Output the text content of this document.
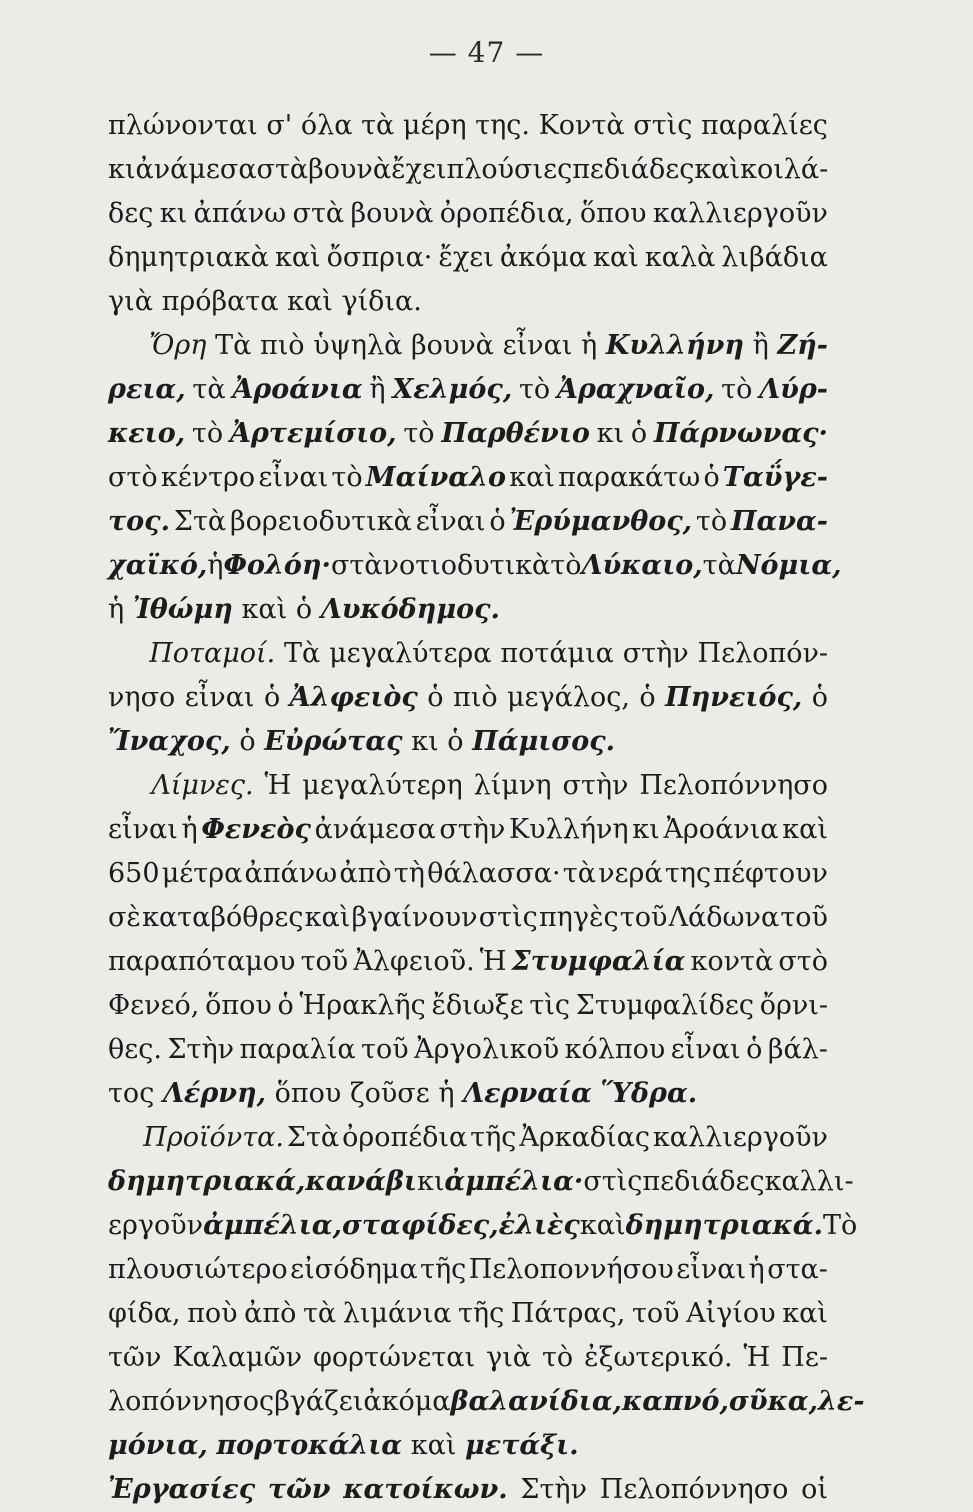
— 47 —
πλώνονται σ' όλα τὰ μέρη της. Κοντὰ στὶς παραλίες
κι ἀνάμεσα στὰ βουνὰ ἔχει πλούσιες πεδιάδες καὶ κοιλά-
δες κι ἀπάνω στὰ βουνὰ ὀροπέδια, ὅπου καλλιεργοῦν
δημητριακὰ καὶ ὄσπρια· ἔχει ἀκόμα καὶ καλὰ λιβάδια
γιὰ πρόβατα καὶ γίδια.
Ὄρη Τὰ πιὸ ὑψηλὰ βουνὰ εἶναι ἡ Κυλλήνη ἢ Ζή-
ρεια, τὰ Ἀροάνια ἢ Χελμός, τὸ Ἀραχναῖο, τὸ Λύρ-
κειο, τὸ Ἀρτεμίσιο, τὸ Παρθένιο κι ὁ Πάρνωνας·
στὸ κέντρο εἶναι τὸ Μαίναλο καὶ παρακάτω ὁ Ταΰγε-
τος. Στὰ βορειοδυτικὰ εἶναι ὁ Ἐρύμανθος, τὸ Πανα-
χαϊκό, ἡ Φολόη· στὰ νοτιοδυτικὰ τὸ Λύκαιο, τὰ Νόμια,
ἡ Ἰθώμη καὶ ὁ Λυκόδημος.
Ποταμοί. Τὰ μεγαλύτερα ποτάμια στὴν Πελοπόν-
νησο εἶναι ὁ Ἀλφειὸς ὁ πιὸ μεγάλος, ὁ Πηνειός, ὁ
Ἴναχος, ὁ Εὐρώτας κι ὁ Πάμισος.
Λίμνες. Ἡ μεγαλύτερη λίμνη στὴν Πελοπόννησο
εἶναι ἡ Φενεὸς ἀνάμεσα στὴν Κυλλήνη κι Ἀροάνια καὶ
650 μέτρα ἀπάνω ἀπὸ τὴ θάλασσα· τὰ νερά της πέφτουν
σὲ καταβόθρες καὶ βγαίνουν στὶς πηγὲς τοῦ Λάδωνα τοῦ
παραπόταμου τοῦ Ἀλφειοῦ. Ἡ Στυμφαλία κοντὰ στὸ
Φενεό, ὅπου ὁ Ἡρακλῆς ἔδιωξε τὶς Στυμφαλίδες ὄρνι-
θες. Στὴν παραλία τοῦ Ἀργολικοῦ κόλπου εἶναι ὁ βάλ-
τος Λέρνη, ὅπου ζοῦσε ἡ Λερναία Ὕδρα.
Προϊόντα. Στὰ ὀροπέδια τῆς Ἀρκαδίας καλλιεργοῦν
δημητριακά, κανάβι κι ἀμπέλια· στὶς πεδιάδες καλλι-
εργοῦν ἀμπέλια, σταφίδες, ἐλιὲς καὶ δημητριακά. Τὸ
πλουσιώτερο εἰσόδημα τῆς Πελοποννήσου εἶναι ἡ στα-
φίδα, ποὺ ἀπὸ τὰ λιμάνια τῆς Πάτρας, τοῦ Αἰγίου καὶ
τῶν Καλαμῶν φορτώνεται γιὰ τὸ ἐξωτερικό. Ἡ Πε-
λοπόννησος βγάζει ἀκόμα βαλανίδια, καπνό, σῦκα, λε-
μόνια, πορτοκάλια καὶ μετάξι.
Ἐργασίες τῶν κατοίκων. Στὴν Πελοπόννησο οἱ
